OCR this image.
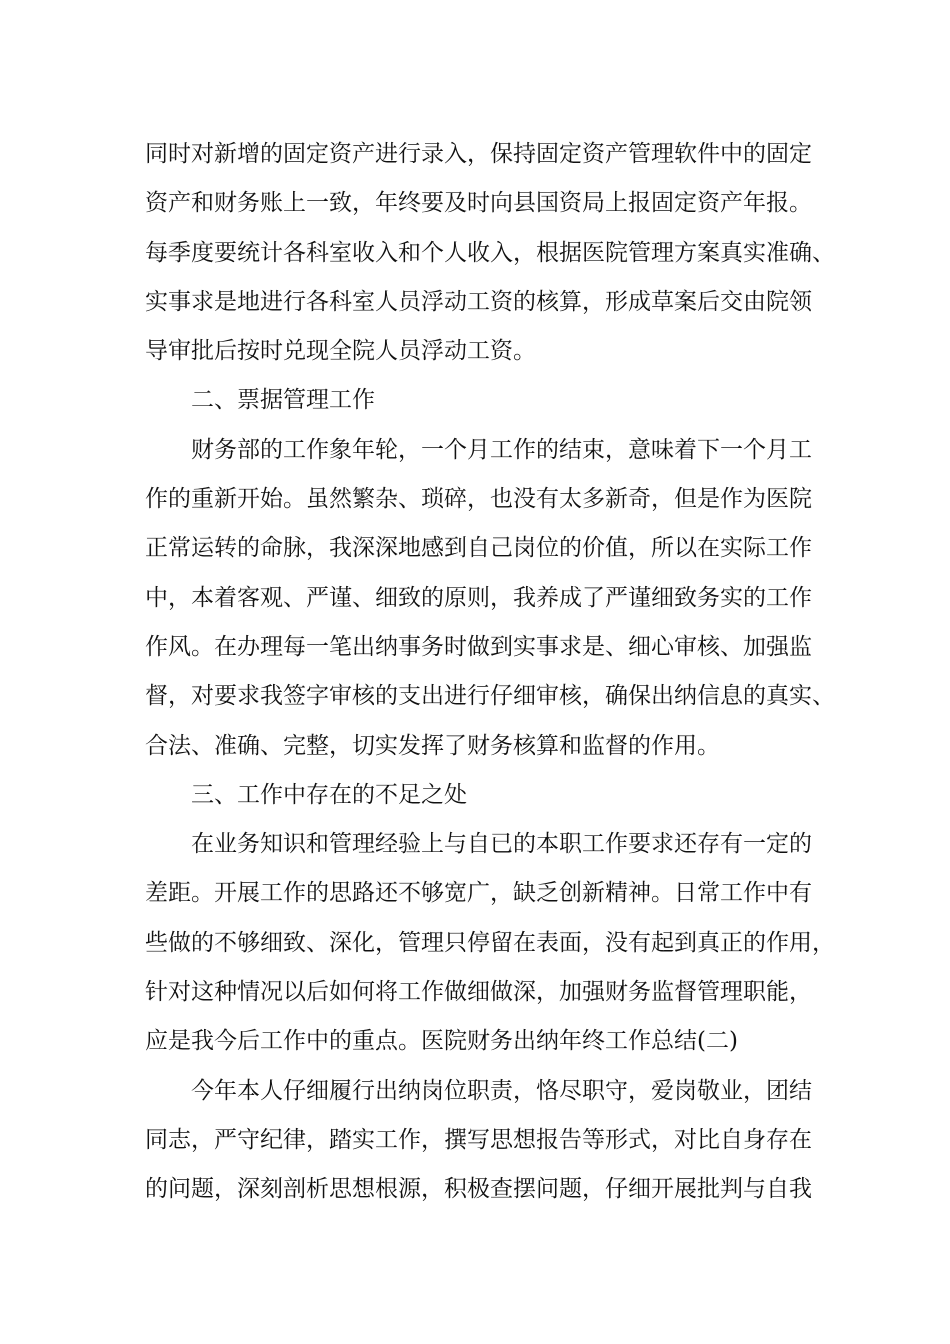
同时对新增的固定资产进行录入，保持固定资产管理软件中的固定
资产和财务账上一致，年终要及时向县国资局上报固定资产年报。
每季度要统计各科室收入和个人收入，根据医院管理方案真实准确、
实事求是地进行各科室人员浮动工资的核算，形成草案后交由院领
导审批后按时兑现全院人员浮动工资。
二、票据管理工作
财务部的工作象年轮，一个月工作的结束，意味着下一个月工
作的重新开始。虽然繁杂、琐碎，也没有太多新奇，但是作为医院
正常运转的命脉，我深深地感到自己岗位的价值，所以在实际工作
中，本着客观、严谨、细致的原则，我养成了严谨细致务实的工作
作风。在办理每一笔出纳事务时做到实事求是、细心审核、加强监
督，对要求我签字审核的支出进行仔细审核，确保出纳信息的真实、
合法、准确、完整，切实发挥了财务核算和监督的作用。
三、工作中存在的不足之处
在业务知识和管理经验上与自已的本职工作要求还存有一定的
差距。开展工作的思路还不够宽广，缺乏创新精神。日常工作中有
些做的不够细致、深化，管理只停留在表面，没有起到真正的作用，
针对这种情况以后如何将工作做细做深，加强财务监督管理职能，
应是我今后工作中的重点。医院财务出纳年终工作总结(二)
今年本人仔细履行出纳岗位职责，恪尽职守，爱岗敬业，团结
同志，严守纪律，踏实工作，撰写思想报告等形式，对比自身存在
的问题，深刻剖析思想根源，积极查摆问题，仔细开展批判与自我
